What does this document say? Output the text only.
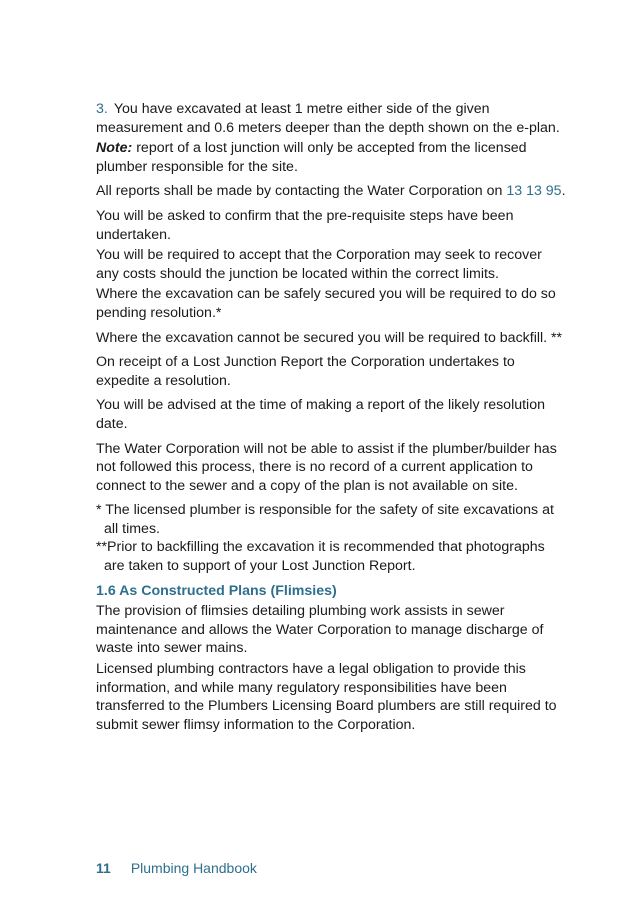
3. You have excavated at least 1 metre either side of the given measurement and 0.6 meters deeper than the depth shown on the e-plan.

Note: report of a lost junction will only be accepted from the licensed plumber responsible for the site.

All reports shall be made by contacting the Water Corporation on 13 13 95.

You will be asked to confirm that the pre-requisite steps have been undertaken.

You will be required to accept that the Corporation may seek to recover any costs should the junction be located within the correct limits.

Where the excavation can be safely secured you will be required to do so pending resolution.*

Where the excavation cannot be secured you will be required to backfill. **

On receipt of a Lost Junction Report the Corporation undertakes to expedite a resolution.

You will be advised at the time of making a report of the likely resolution date.

The Water Corporation will not be able to assist if the plumber/builder has not followed this process, there is no record of a current application to connect to the sewer and a copy of the plan is not available on site.

* The licensed plumber is responsible for the safety of site excavations at all times.

**Prior to backfilling the excavation it is recommended that photographs are taken to support of your Lost Junction Report.

1.6 As Constructed Plans (Flimsies)

The provision of flimsies detailing plumbing work assists in sewer maintenance and allows the Water Corporation to manage discharge of waste into sewer mains.

Licensed plumbing contractors have a legal obligation to provide this information, and while many regulatory responsibilities have been transferred to the Plumbers Licensing Board plumbers are still required to submit sewer flimsy information to the Corporation.

11 Plumbing Handbook
